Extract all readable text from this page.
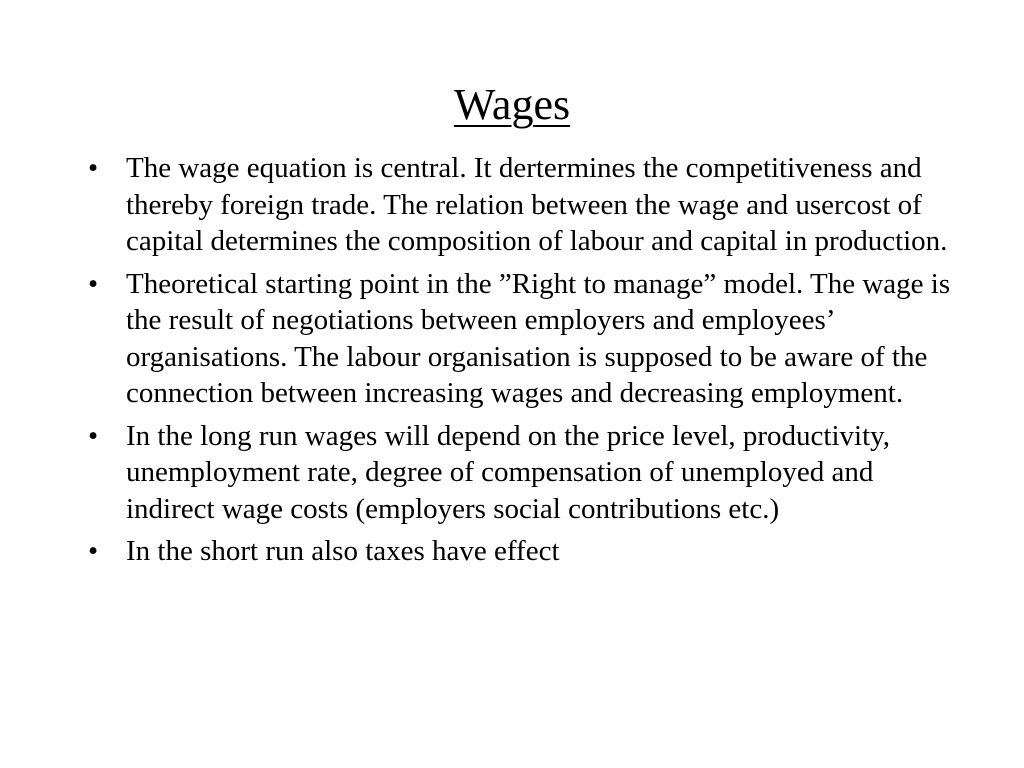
Wages
• The wage equation is central. It dertermines the competitiveness and thereby foreign trade. The relation between the wage and usercost of capital determines the composition of labour and capital in production.
• Theoretical starting point in the ”Right to manage” model. The wage is the result of negotiations between employers and employees’ organisations. The labour organisation is supposed to be aware of the connection between increasing wages and decreasing employment.
• In the long run wages will depend on the price level, productivity, unemployment rate, degree of compensation of unemployed and indirect wage costs (employers social contributions etc.)
• In the short run also taxes have effect
